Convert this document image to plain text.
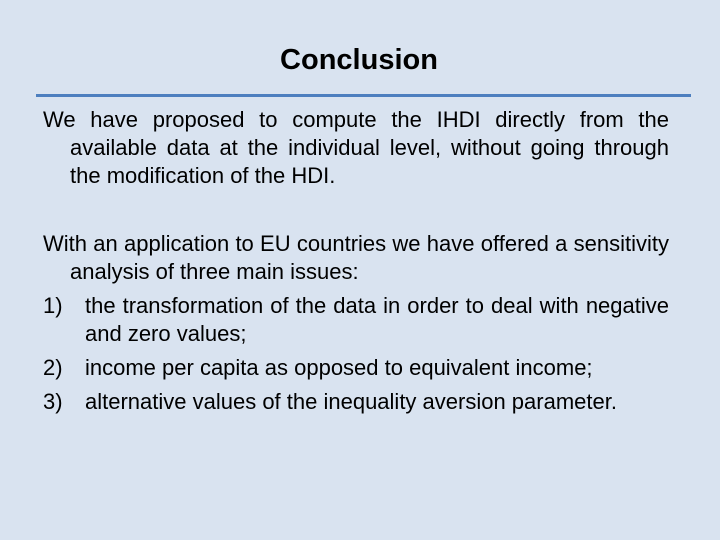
Conclusion

We have proposed to compute the IHDI directly from the available data at the individual level, without going through the modification of the HDI.

With an application to EU countries we have offered a sensitivity analysis of three main issues:

1) the transformation of the data in order to deal with negative and zero values;
2) income per capita as opposed to equivalent income;
3) alternative values of the inequality aversion parameter.
